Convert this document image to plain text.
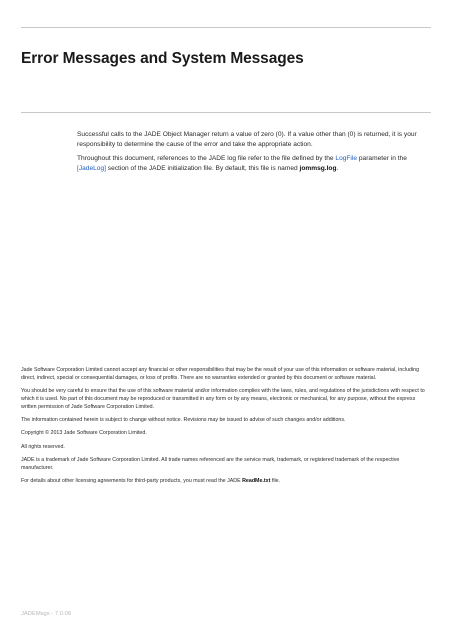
Error Messages and System Messages

Successful calls to the JADE Object Manager return a value of zero (0). If a value other than (0) is returned, it is your responsibility to determine the cause of the error and take the appropriate action.

Throughout this document, references to the JADE log file refer to the file defined by the LogFile parameter in the [JadeLog] section of the JADE initialization file. By default, this file is named jommsg.log.

Jade Software Corporation Limited cannot accept any financial or other responsibilities that may be the result of your use of this information or software material, including direct, indirect, special or consequential damages, or loss of profits. There are no warranties extended or granted by this document or software material.

You should be very careful to ensure that the use of this software material and/or information complies with the laws, rules, and regulations of the jurisdictions with respect to which it is used. No part of this document may be reproduced or transmitted in any form or by any means, electronic or mechanical, for any purpose, without the express written permission of Jade Software Corporation Limited.

The information contained herein is subject to change without notice. Revisions may be issued to advise of such changes and/or additions.

Copyright © 2013 Jade Software Corporation Limited.

All rights reserved.

JADE is a trademark of Jade Software Corporation Limited. All trade names referenced are the service mark, trademark, or registered trademark of the respective manufacturer.

For details about other licensing agreements for third-party products, you must read the JADE ReadMe.txt file.

JADEMsgs - 7.0.08
